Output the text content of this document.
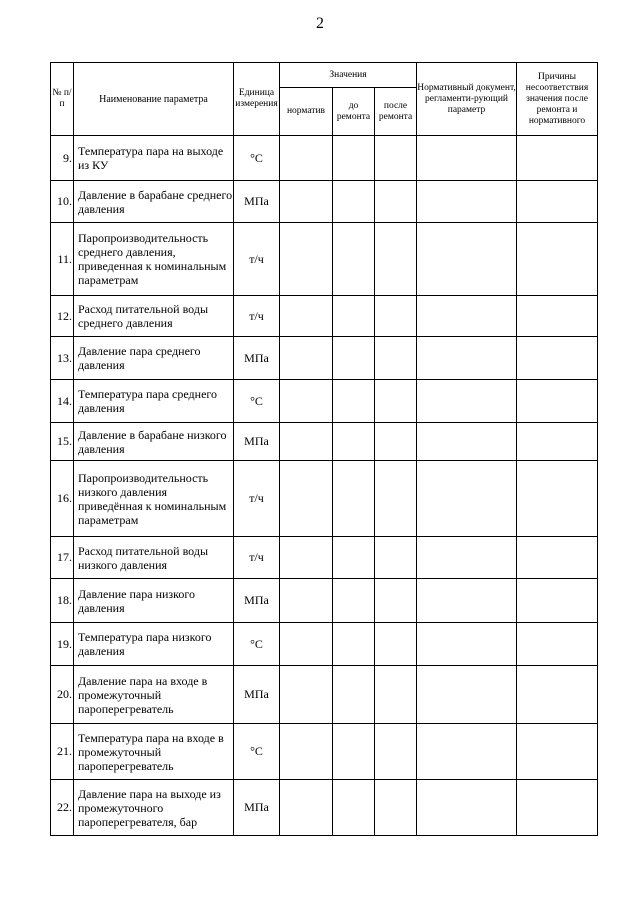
2
№ п/п	Наименование параметра	Единица измерения	Значения			Нормативный документ, регламенти-рующий параметр	Причины несоответствия значения после ремонта и нормативного
			норматив	до ремонта	после ремонта		
9.	Температура пара на выходе из КУ	°C					
10.	Давление в барабане среднего давления	МПа					
11.	Паропроизводительность среднего давления, приведенная к номинальным параметрам	т/ч					
12.	Расход питательной воды среднего давления	т/ч					
13.	Давление пара среднего давления	МПа					
14.	Температура пара среднего давления	°C					
15.	Давление в барабане низкого давления	МПа					
16.	Паропроизводительность низкого давления приведённая к номинальным параметрам	т/ч					
17.	Расход питательной воды низкого давления	т/ч					
18.	Давление пара низкого давления	МПа					
19.	Температура пара низкого давления	°C					
20.	Давление пара на входе в промежуточный пароперегреватель	МПа					
21.	Температура пара на входе в промежуточный пароперегреватель	°C					
22.	Давление пара на выходе из промежуточного пароперегревателя, бар	МПа					
